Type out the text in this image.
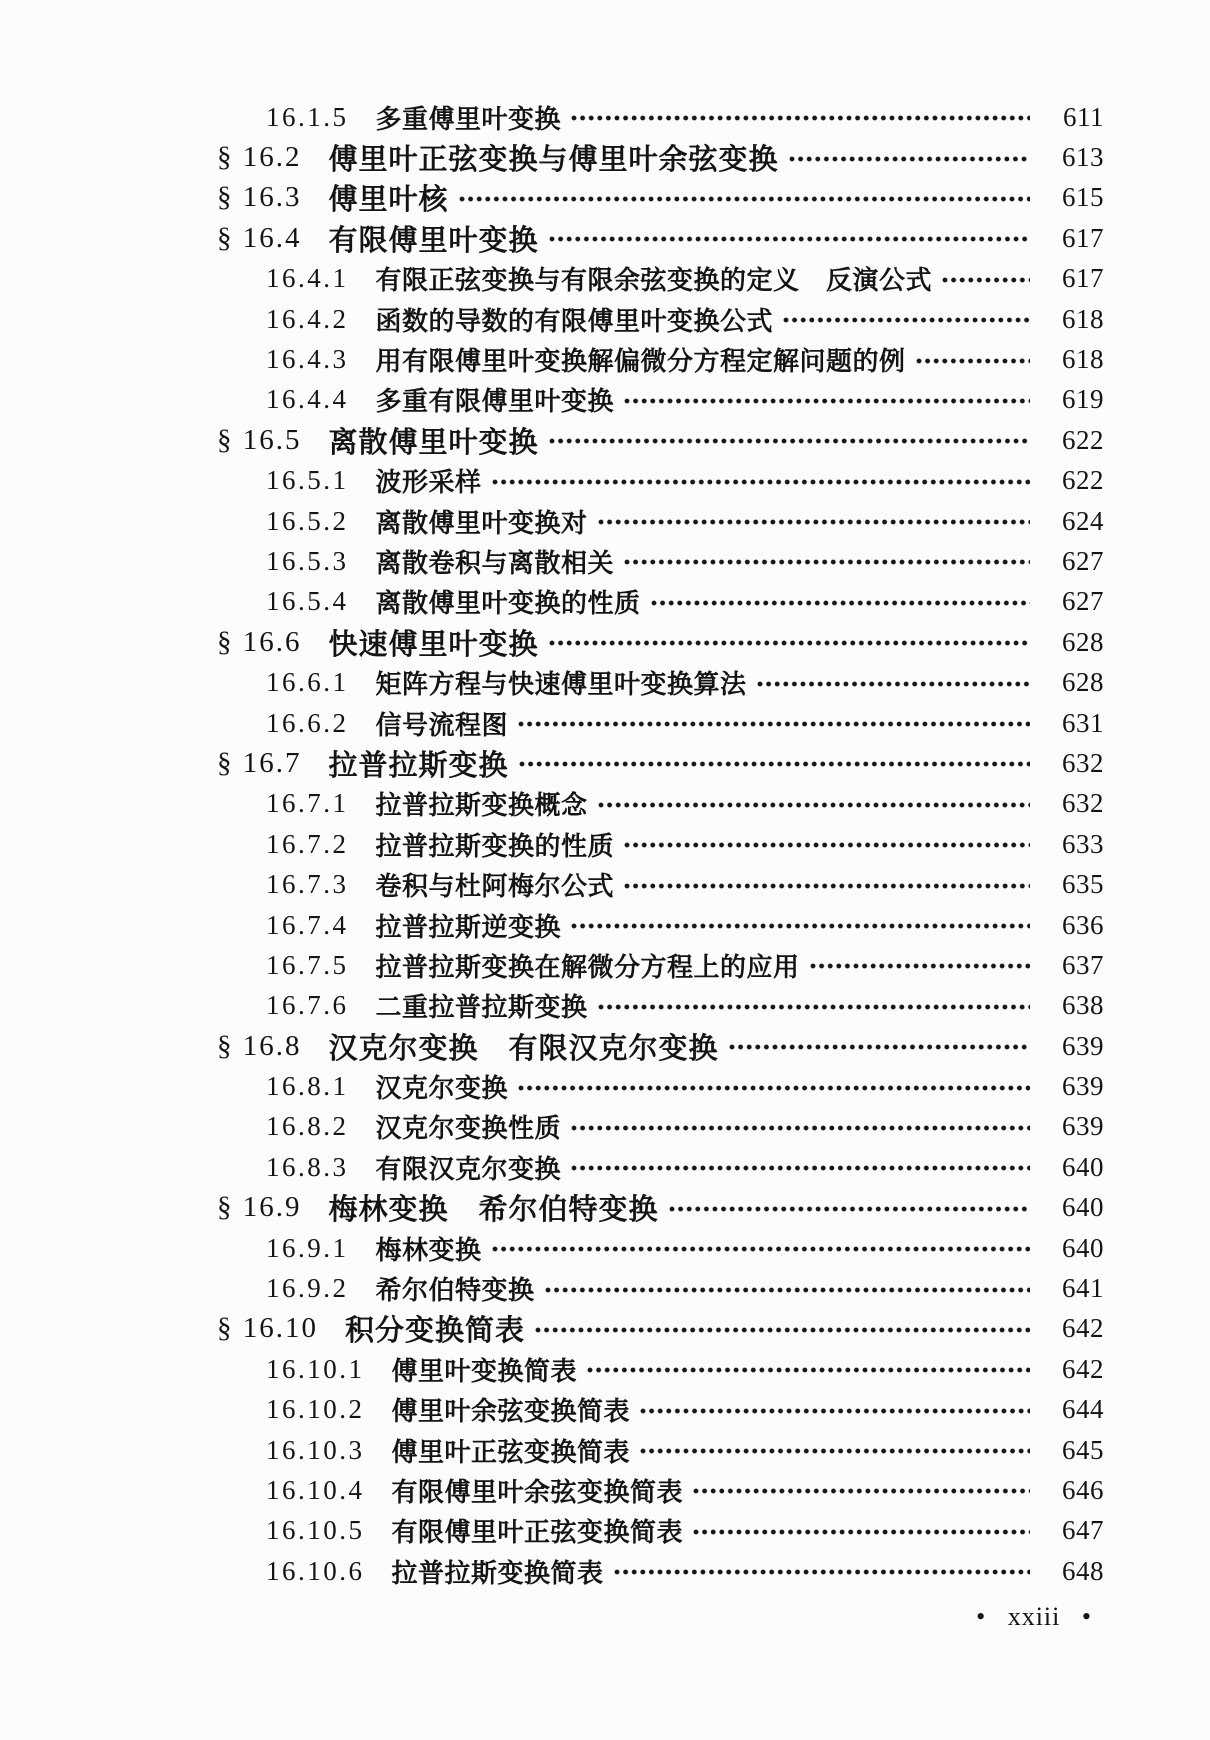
16.1.5 多重傅里叶变换	611
§ 16.2 傅里叶正弦变换与傅里叶余弦变换	613
§ 16.3 傅里叶核	615
§ 16.4 有限傅里叶变换	617
16.4.1 有限正弦变换与有限余弦变换的定义　反演公式	617
16.4.2 函数的导数的有限傅里叶变换公式	618
16.4.3 用有限傅里叶变换解偏微分方程定解问题的例	618
16.4.4 多重有限傅里叶变换	619
§ 16.5 离散傅里叶变换	622
16.5.1 波形采样	622
16.5.2 离散傅里叶变换对	624
16.5.3 离散卷积与离散相关	627
16.5.4 离散傅里叶变换的性质	627
§ 16.6 快速傅里叶变换	628
16.6.1 矩阵方程与快速傅里叶变换算法	628
16.6.2 信号流程图	631
§ 16.7 拉普拉斯变换	632
16.7.1 拉普拉斯变换概念	632
16.7.2 拉普拉斯变换的性质	633
16.7.3 卷积与杜阿梅尔公式	635
16.7.4 拉普拉斯逆变换	636
16.7.5 拉普拉斯变换在解微分方程上的应用	637
16.7.6 二重拉普拉斯变换	638
§ 16.8 汉克尔变换　有限汉克尔变换	639
16.8.1 汉克尔变换	639
16.8.2 汉克尔变换性质	639
16.8.3 有限汉克尔变换	640
§ 16.9 梅林变换　希尔伯特变换	640
16.9.1 梅林变换	640
16.9.2 希尔伯特变换	641
§ 16.10 积分变换简表	642
16.10.1 傅里叶变换简表	642
16.10.2 傅里叶余弦变换简表	644
16.10.3 傅里叶正弦变换简表	645
16.10.4 有限傅里叶余弦变换简表	646
16.10.5 有限傅里叶正弦变换简表	647
16.10.6 拉普拉斯变换简表	648
• xxiii •
